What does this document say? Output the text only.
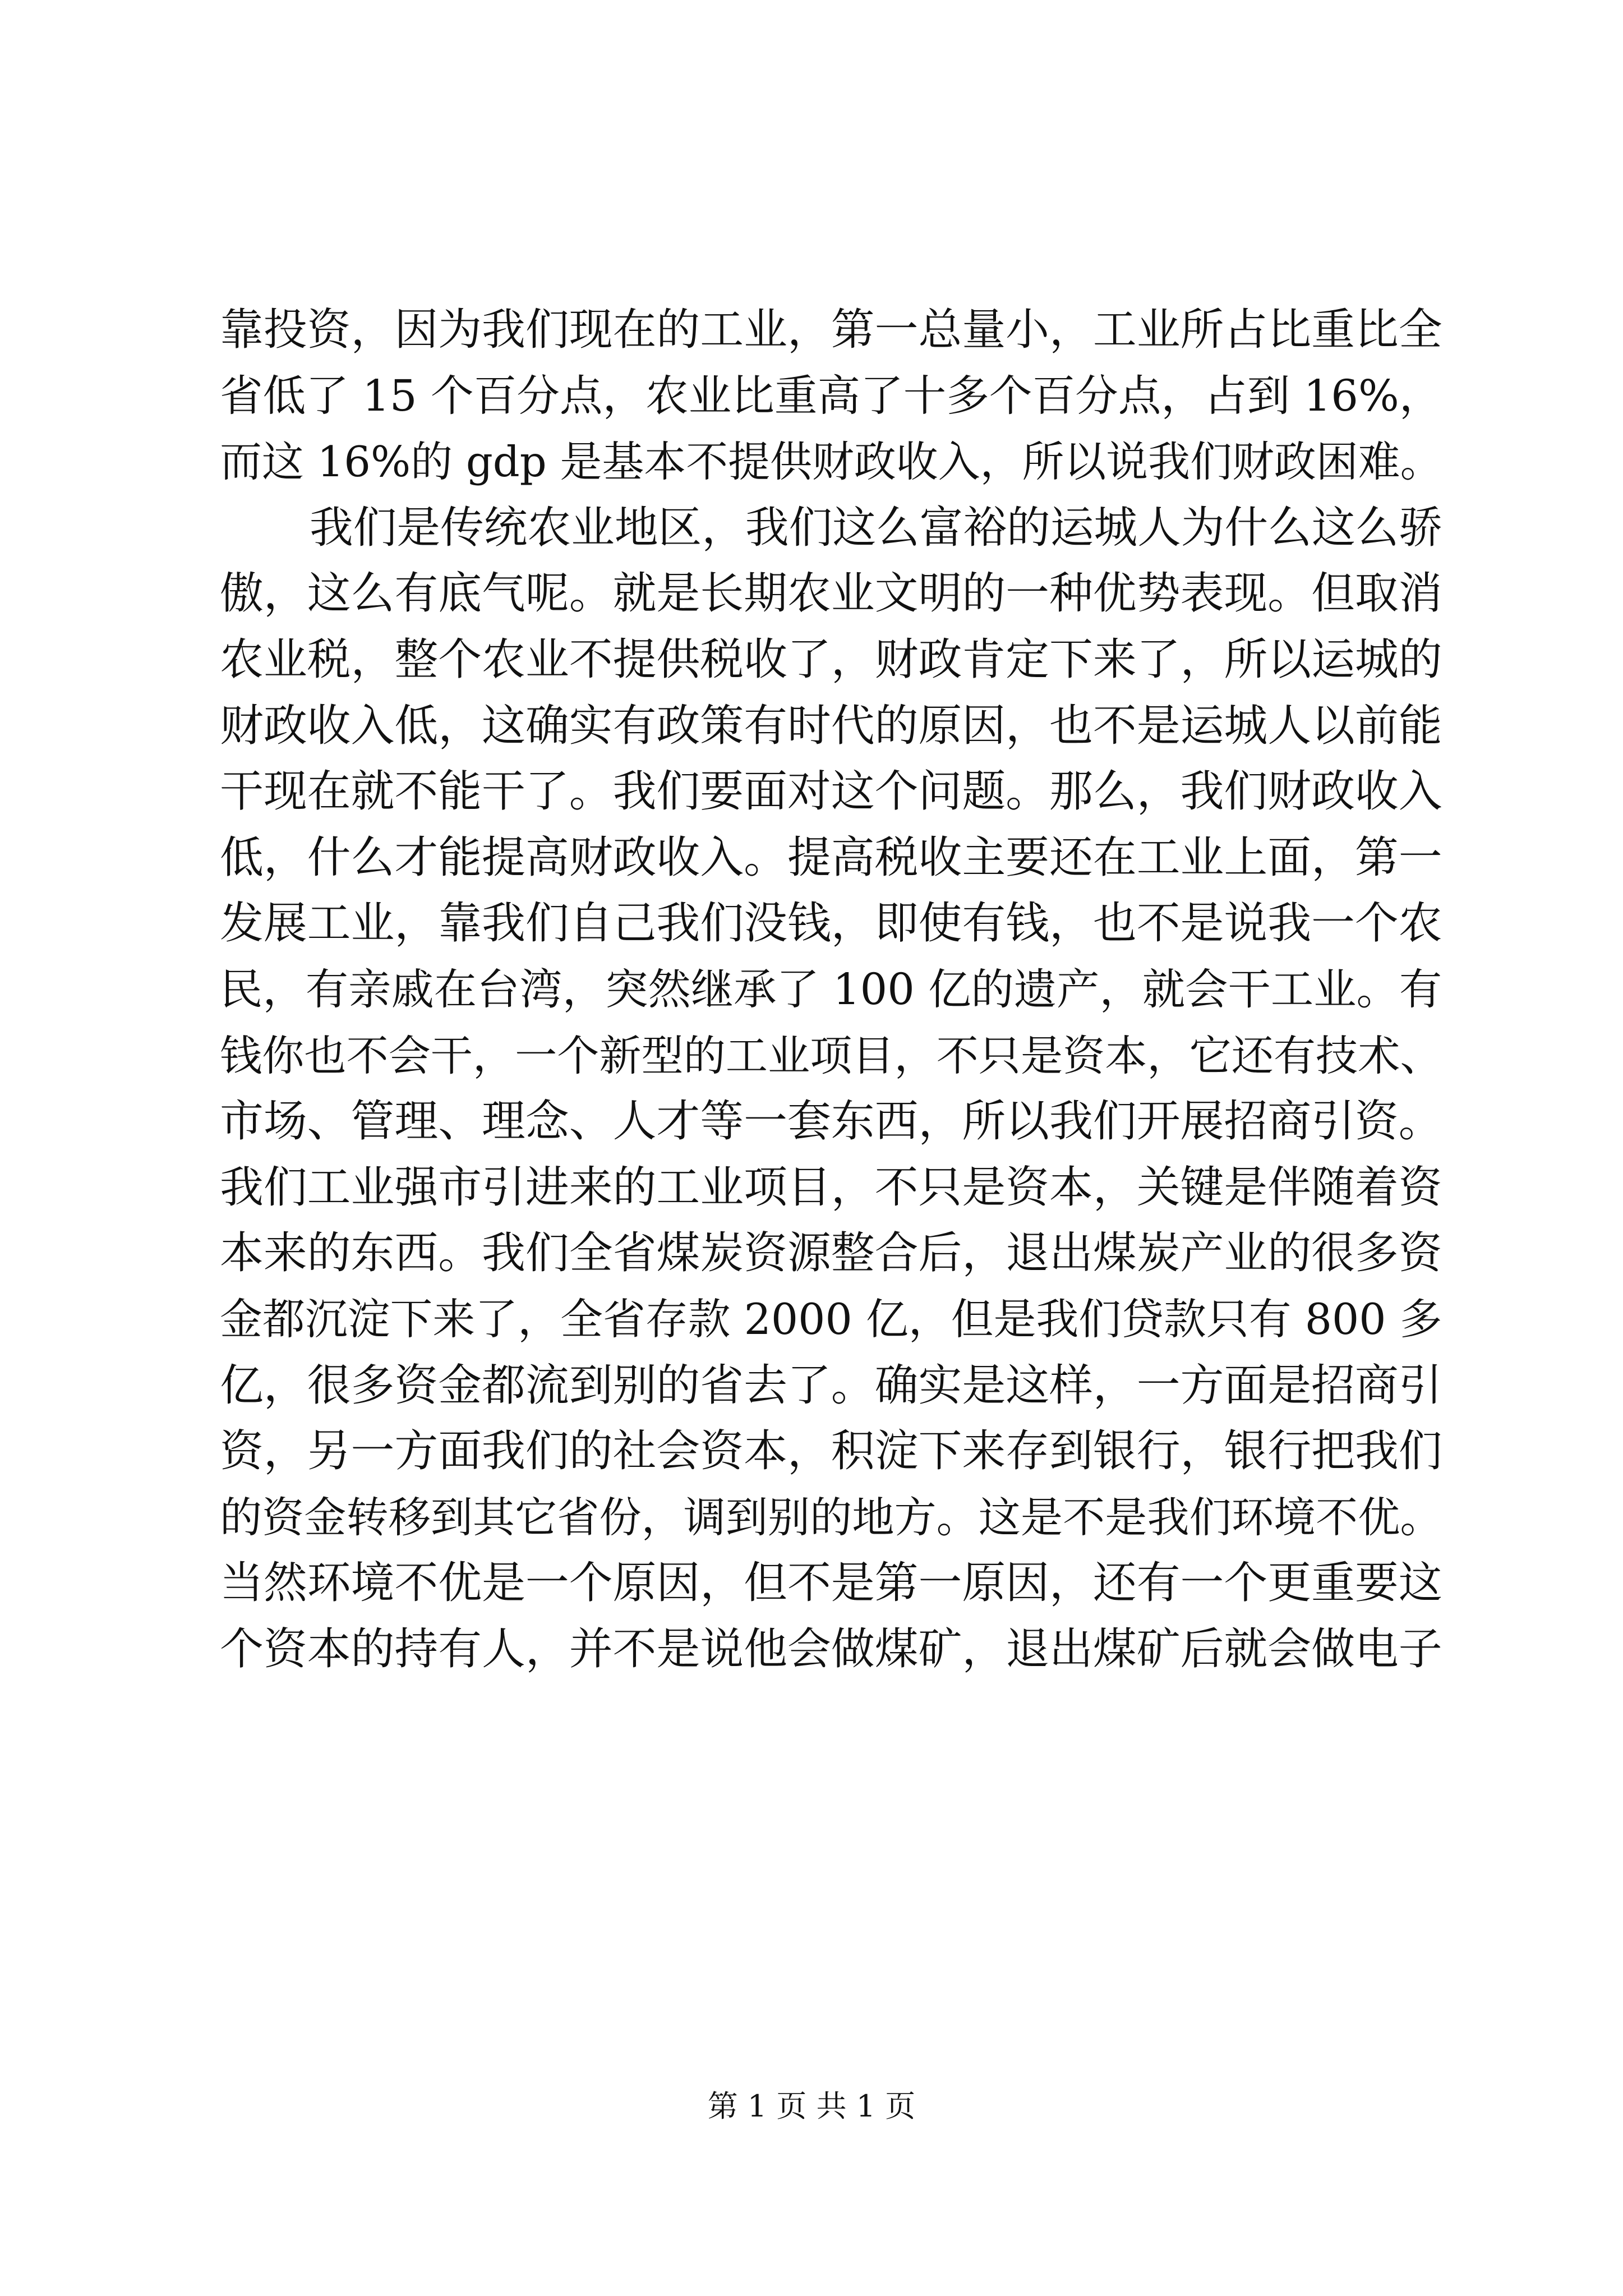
靠投资，因为我们现在的工业，第一总量小，工业所占比重比全
省低了 15 个百分点，农业比重高了十多个百分点，占到 16%，
而这 16%的 gdp 是基本不提供财政收入，所以说我们财政困难。
我们是传统农业地区，我们这么富裕的运城人为什么这么骄
傲，这么有底气呢。就是长期农业文明的一种优势表现。但取消
农业税，整个农业不提供税收了，财政肯定下来了，所以运城的
财政收入低，这确实有政策有时代的原因，也不是运城人以前能
干现在就不能干了。我们要面对这个问题。那么，我们财政收入
低，什么才能提高财政收入。提高税收主要还在工业上面，第一
发展工业，靠我们自己我们没钱，即使有钱，也不是说我一个农
民，有亲戚在台湾，突然继承了 100 亿的遗产，就会干工业。有
钱你也不会干，一个新型的工业项目，不只是资本，它还有技术、
市场、管理、理念、人才等一套东西，所以我们开展招商引资。
我们工业强市引进来的工业项目，不只是资本，关键是伴随着资
本来的东西。我们全省煤炭资源整合后，退出煤炭产业的很多资
金都沉淀下来了，全省存款 2000 亿，但是我们贷款只有 800 多
亿，很多资金都流到别的省去了。确实是这样，一方面是招商引
资，另一方面我们的社会资本，积淀下来存到银行，银行把我们
的资金转移到其它省份，调到别的地方。这是不是我们环境不优。
当然环境不优是一个原因，但不是第一原因，还有一个更重要这
个资本的持有人，并不是说他会做煤矿，退出煤矿后就会做电子
第 1 页 共 1 页
